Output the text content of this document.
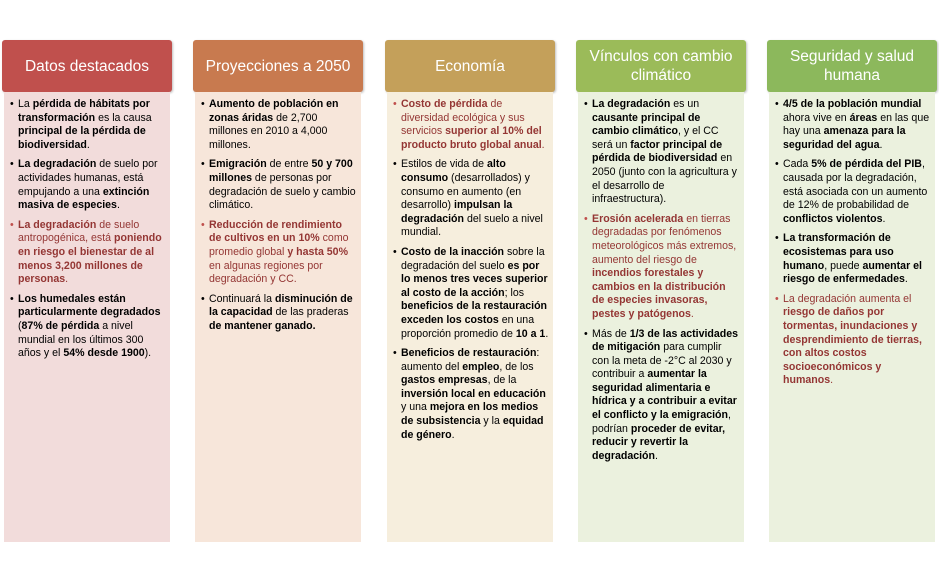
Datos destacados
• La pérdida de hábitats por transformación es la causa principal de la pérdida de biodiversidad.
• La degradación de suelo por actividades humanas, está empujando a una extinción masiva de especies.
• La degradación de suelo antropogénica, está poniendo en riesgo el bienestar de al menos 3,200 millones de personas.
• Los humedales están particularmente degradados (87% de pérdida a nivel mundial en los últimos 300 años y el 54% desde 1900).
Proyecciones a 2050
• Aumento de población en zonas áridas de 2,700 millones en 2010 a 4,000 millones.
• Emigración de entre 50 y 700 millones de personas por degradación de suelo y cambio climático.
• Reducción de rendimiento de cultivos en un 10% como promedio global y hasta 50% en algunas regiones por degradación y CC.
• Continuará la disminución de la capacidad de las praderas de mantener ganado.
Economía
• Costo de pérdida de diversidad ecológica y sus servicios superior al 10% del producto bruto global anual.
• Estilos de vida de alto consumo (desarrollados) y consumo en aumento (en desarrollo) impulsan la degradación del suelo a nivel mundial.
• Costo de la inacción sobre la degradación del suelo es por lo menos tres veces superior al costo de la acción; los beneficios de la restauración exceden los costos en una proporción promedio de 10 a 1.
• Beneficios de restauración: aumento del empleo, de los gastos empresas, de la inversión local en educación y una mejora en los medios de subsistencia y la equidad de género.
Vínculos con cambio climático
• La degradación es un causante principal de cambio climático, y el CC será un factor principal de pérdida de biodiversidad en 2050 (junto con la agricultura y el desarrollo de infraestructura).
• Erosión acelerada en tierras degradadas por fenómenos meteorológicos más extremos, aumento del riesgo de incendios forestales y cambios en la distribución de especies invasoras, pestes y patógenos.
• Más de 1/3 de las actividades de mitigación para cumplir con la meta de -2°C al 2030 y contribuir a aumentar la seguridad alimentaria e hídrica y a contribuir a evitar el conflicto y la emigración, podrían proceder de evitar, reducir y revertir la degradación.
Seguridad y salud humana
• 4/5 de la población mundial ahora vive en áreas en las que hay una amenaza para la seguridad del agua.
• Cada 5% de pérdida del PIB, causada por la degradación, está asociada con un aumento de 12% de probabilidad de conflictos violentos.
• La transformación de ecosistemas para uso humano, puede aumentar el riesgo de enfermedades.
• La degradación aumenta el riesgo de daños por tormentas, inundaciones y desprendimiento de tierras, con altos costos socioeconómicos y humanos.
